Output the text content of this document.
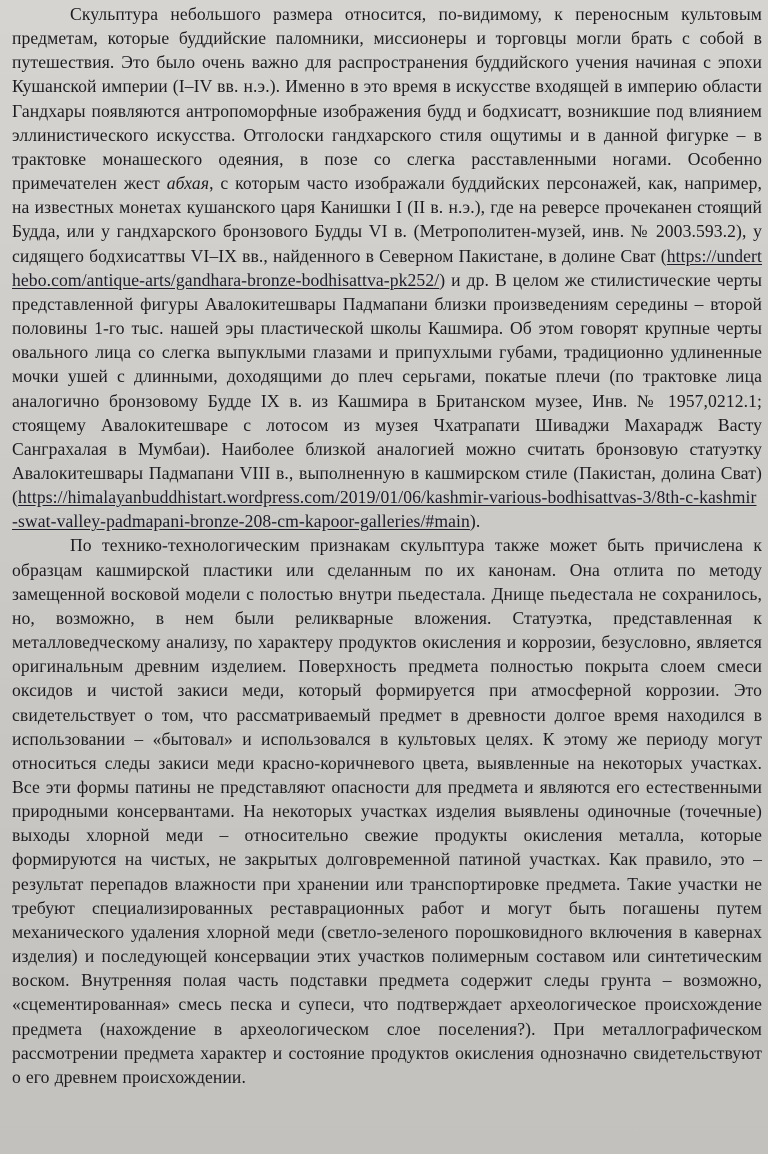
Скульптура небольшого размера относится, по-видимому, к переносным культовым предметам, которые буддийские паломники, миссионеры и торговцы могли брать с собой в путешествия. Это было очень важно для распространения буддийского учения начиная с эпохи Кушанской империи (I–IV вв. н.э.). Именно в это время в искусстве входящей в империю области Гандхары появляются антропоморфные изображения будд и бодхисатт, возникшие под влиянием эллинистического искусства. Отголоски гандхарского стиля ощутимы и в данной фигурке – в трактовке монашеского одеяния, в позе со слегка расставленными ногами. Особенно примечателен жест абхая, с которым часто изображали буддийских персонажей, как, например, на известных монетах кушанского царя Канишки I (II в. н.э.), где на реверсе прочеканен стоящий Будда, или у гандхарского бронзового Будды VI в. (Метрополитен-музей, инв. № 2003.593.2), у сидящего бодхисаттвы VI–IX вв., найденного в Северном Пакистане, в долине Сват (https://underthebo.com/antique-arts/gandhara-bronze-bodhisattva-pk252/) и др. В целом же стилистические черты представленной фигуры Авалокитешвары Падмапани близки произведениям середины – второй половины 1-го тыс. нашей эры пластической школы Кашмира. Об этом говорят крупные черты овального лица со слегка выпуклыми глазами и припухлыми губами, традиционно удлиненные мочки ушей с длинными, доходящими до плеч серьгами, покатые плечи (по трактовке лица аналогично бронзовому Будде IX в. из Кашмира в Британском музее, Инв. № 1957,0212.1; стоящему Авалокитешваре с лотосом из музея Чхатрапати Шиваджи Махарадж Васту Санграхалая в Мумбаи). Наиболее близкой аналогией можно считать бронзовую статуэтку Авалокитешвары Падмапани VIII в., выполненную в кашмирском стиле (Пакистан, долина Сват) (https://himalayanbuddhistart.wordpress.com/2019/01/06/kashmir-various-bodhisattvas-3/8th-c-kashmir-swat-valley-padmapani-bronze-208-cm-kapoor-galleries/#main).

По технико-технологическим признакам скульптура также может быть причислена к образцам кашмирской пластики или сделанным по их канонам. Она отлита по методу замещенной восковой модели с полостью внутри пьедестала. Днище пьедестала не сохранилось, но, возможно, в нем были реликварные вложения. Статуэтка, представленная к металловедческому анализу, по характеру продуктов окисления и коррозии, безусловно, является оригинальным древним изделием. Поверхность предмета полностью покрыта слоем смеси оксидов и чистой закиси меди, который формируется при атмосферной коррозии. Это свидетельствует о том, что рассматриваемый предмет в древности долгое время находился в использовании – «бытовал» и использовался в культовых целях. К этому же периоду могут относиться следы закиси меди красно-коричневого цвета, выявленные на некоторых участках. Все эти формы патины не представляют опасности для предмета и являются его естественными природными консервантами. На некоторых участках изделия выявлены одиночные (точечные) выходы хлорной меди – относительно свежие продукты окисления металла, которые формируются на чистых, не закрытых долговременной патиной участках. Как правило, это – результат перепадов влажности при хранении или транспортировке предмета. Такие участки не требуют специализированных реставрационных работ и могут быть погашены путем механического удаления хлорной меди (светло-зеленого порошковидного включения в кавернах изделия) и последующей консервации этих участков полимерным составом или синтетическим воском. Внутренняя полая часть подставки предмета содержит следы грунта – возможно, «сцементированная» смесь песка и супеси, что подтверждает археологическое происхождение предмета (нахождение в археологическом слое поселения?). При металлографическом рассмотрении предмета характер и состояние продуктов окисления однозначно свидетельствуют о его древнем происхождении.
